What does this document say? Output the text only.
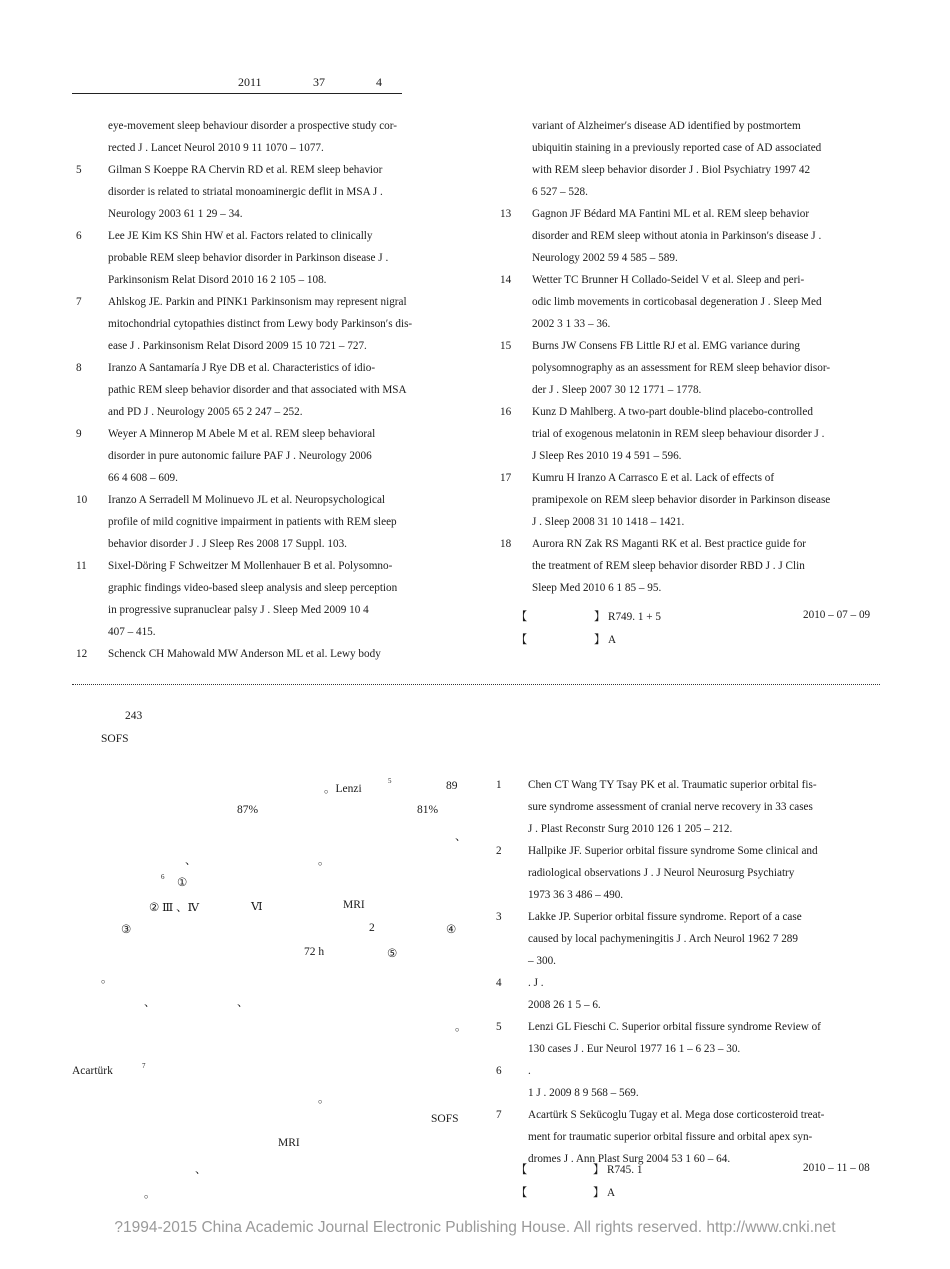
2011	37	4
eye-movement sleep behaviour disorder a prospective study cor-
rected J . Lancet Neurol 2010 9 11 1070 – 1077.
5 Gilman S Koeppe RA Chervin RD et al. REM sleep behavior
disorder is related to striatal monoaminergic deflit in MSA J .
Neurology 2003 61 1 29 – 34.
6 Lee JE Kim KS Shin HW et al. Factors related to clinically
probable REM sleep behavior disorder in Parkinson disease J .
Parkinsonism Relat Disord 2010 16 2 105 – 108.
7 Ahlskog JE. Parkin and PINK1 Parkinsonism may represent nigral
mitochondrial cytopathies distinct from Lewy body Parkinson′s dis-
ease J . Parkinsonism Relat Disord 2009 15 10 721 – 727.
8 Iranzo A Santamaría J Rye DB et al. Characteristics of idio-
pathic REM sleep behavior disorder and that associated with MSA
and PD J . Neurology 2005 65 2 247 – 252.
9 Weyer A Minnerop M Abele M et al. REM sleep behavioral
disorder in pure autonomic failure PAF J . Neurology 2006
66 4 608 – 609.
10 Iranzo A Serradell M Molinuevo JL et al. Neuropsychological
profile of mild cognitive impairment in patients with REM sleep
behavior disorder J . J Sleep Res 2008 17 Suppl. 103.
11 Sixel-Döring F Schweitzer M Mollenhauer B et al. Polysomno-
graphic findings video-based sleep analysis and sleep perception
in progressive supranuclear palsy J . Sleep Med 2009 10 4
407 – 415.
12 Schenck CH Mahowald MW Anderson ML et al. Lewy body
variant of Alzheimer′s disease AD identified by postmortem
ubiquitin staining in a previously reported case of AD associated
with REM sleep behavior disorder J . Biol Psychiatry 1997 42
6 527 – 528.
13 Gagnon JF Bédard MA Fantini ML et al. REM sleep behavior
disorder and REM sleep without atonia in Parkinson′s disease J .
Neurology 2002 59 4 585 – 589.
14 Wetter TC Brunner H Collado-Seidel V et al. Sleep and peri-
odic limb movements in corticobasal degeneration J . Sleep Med
2002 3 1 33 – 36.
15 Burns JW Consens FB Little RJ et al. EMG variance during
polysomnography as an assessment for REM sleep behavior disor-
der J . Sleep 2007 30 12 1771 – 1778.
16 Kunz D Mahlberg. A two-part double-blind placebo-controlled
trial of exogenous melatonin in REM sleep behaviour disorder J .
J Sleep Res 2010 19 4 591 – 596.
17 Kumru H Iranzo A Carrasco E et al. Lack of effects of
pramipexole on REM sleep behavior disorder in Parkinson disease
J . Sleep 2008 31 10 1418 – 1421.
18 Aurora RN Zak RS Maganti RK et al. Best practice guide for
the treatment of REM sleep behavior disorder RBD J . J Clin
Sleep Med 2010 6 1 85 – 95.
1 Chen CT Wang TY Tsay PK et al. Traumatic superior orbital fis-
sure syndrome assessment of cranial nerve recovery in 33 cases
J . Plast Reconstr Surg 2010 126 1 205 – 212.
2 Hallpike JF. Superior orbital fissure syndrome Some clinical and
radiological observations J . J Neurol Neurosurg Psychiatry
1973 36 3 486 – 490.
3 Lakke JP. Superior orbital fissure syndrome. Report of a case
caused by local pachymeningitis J . Arch Neurol 1962 7 289
– 300.
4 . J .
2008 26 1 5 – 6.
5 Lenzi GL Fieschi C. Superior orbital fissure syndrome Review of
130 cases J . Eur Neurol 1977 16 1 – 6 23 – 30.
6 .
1 J . 2009 8 9 568 – 569.
7 Acartürk S Sekücoglu Tugay et al. Mega dose corticosteroid treat-
ment for traumatic superior orbital fissure and orbital apex syn-
dromes J . Ann Plast Surg 2004 53 1 60 – 64.
【	】 R749. 1 + 5	2010 – 07 – 09
【	】 A
243
SOFS
。Lenzi
5	89
87%	81%
、
、	。
6 ①
② Ⅲ 、Ⅳ	Ⅵ	MRI
③	2	④
72 h	⑤
。
、	、
。
Acartürk	7
。
SOFS
MRI
、
。
【	】 R745. 1	2010 – 11 – 08
【	】 A
?1994-2015 China Academic Journal Electronic Publishing House. All rights reserved. http://www.cnki.net
